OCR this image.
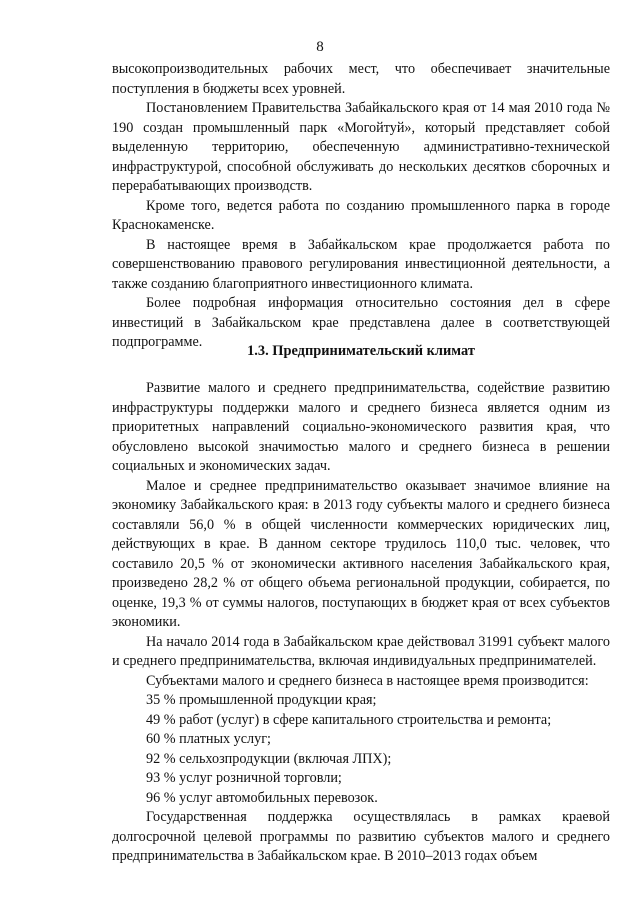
8

высокопроизводительных рабочих мест, что обеспечивает значительные поступления в бюджеты всех уровней.

Постановлением Правительства Забайкальского края от 14 мая 2010 года № 190 создан промышленный парк «Могойтуй», который представляет собой выделенную территорию, обеспеченную административно-технической инфраструктурой, способной обслуживать до нескольких десятков сборочных и перерабатывающих производств.

Кроме того, ведется работа по созданию промышленного парка в городе Краснокаменске.

В настоящее время в Забайкальском крае продолжается работа по совершенствованию правового регулирования инвестиционной деятельности, а также созданию благоприятного инвестиционного климата.

Более подробная информация относительно состояния дел в сфере инвестиций в Забайкальском крае представлена далее в соответствующей подпрограмме.

1.3. Предпринимательский климат

Развитие малого и среднего предпринимательства, содействие развитию инфраструктуры поддержки малого и среднего бизнеса является одним из приоритетных направлений социально-экономического развития края, что обусловлено высокой значимостью малого и среднего бизнеса в решении социальных и экономических задач.

Малое и среднее предпринимательство оказывает значимое влияние на экономику Забайкальского края: в 2013 году субъекты малого и среднего бизнеса составляли 56,0 % в общей численности коммерческих юридических лиц, действующих в крае. В данном секторе трудилось 110,0 тыс. человек, что составило 20,5 % от экономически активного населения Забайкальского края, произведено 28,2 % от общего объема региональной продукции, собирается, по оценке, 19,3 % от суммы налогов, поступающих в бюджет края от всех субъектов экономики.

На начало 2014 года в Забайкальском крае действовал 31991 субъект малого и среднего предпринимательства, включая индивидуальных предпринимателей.

Субъектами малого и среднего бизнеса в настоящее время производится:

35 % промышленной продукции края;
49 % работ (услуг) в сфере капитального строительства и ремонта;
60 % платных услуг;
92 % сельхозпродукции (включая ЛПХ);
93 % услуг розничной торговли;
96 % услуг автомобильных перевозок.

Государственная поддержка осуществлялась в рамках краевой долгосрочной целевой программы по развитию субъектов малого и среднего предпринимательства в Забайкальском крае. В 2010–2013 годах объем
